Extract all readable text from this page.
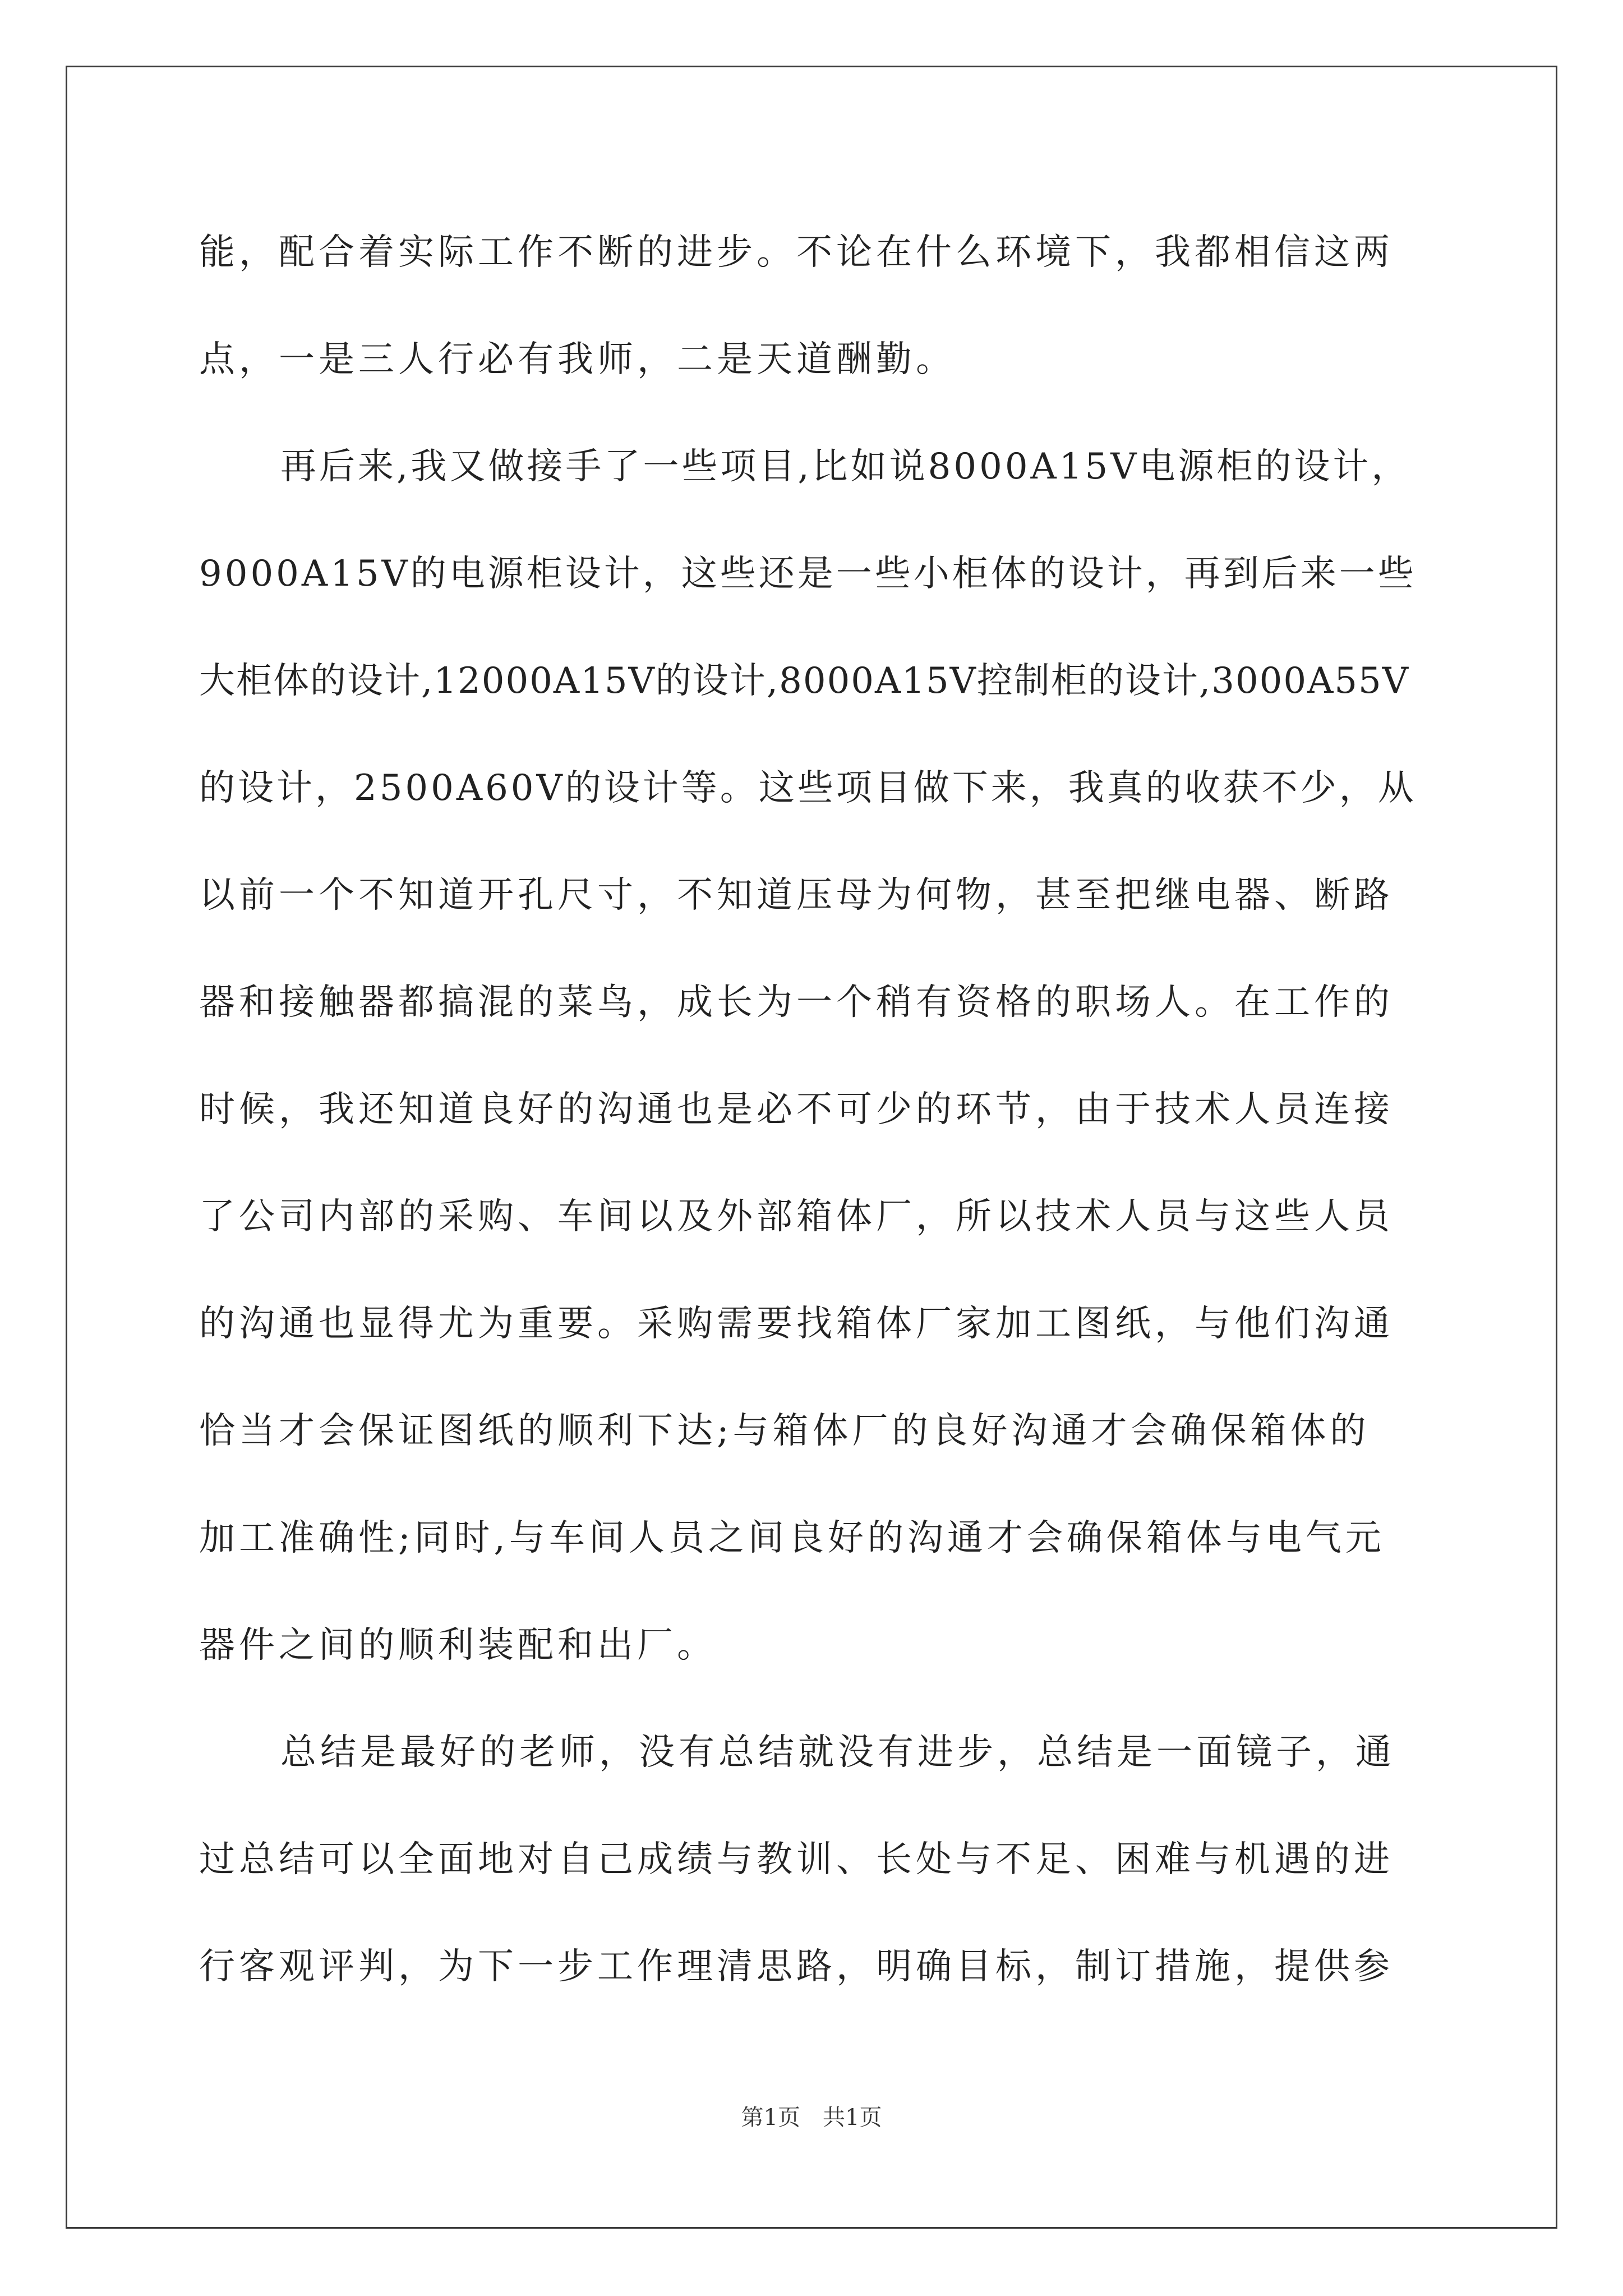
能，配合着实际工作不断的进步。不论在什么环境下，我都相信这两
点，一是三人行必有我师，二是天道酬勤。
再后来,我又做接手了一些项目,比如说8000A15V电源柜的设计，
9000A15V的电源柜设计，这些还是一些小柜体的设计，再到后来一些
大柜体的设计,12000A15V的设计,8000A15V控制柜的设计,3000A55V
的设计，2500A60V的设计等。这些项目做下来，我真的收获不少，从
以前一个不知道开孔尺寸，不知道压母为何物，甚至把继电器、断路
器和接触器都搞混的菜鸟，成长为一个稍有资格的职场人。在工作的
时候，我还知道良好的沟通也是必不可少的环节，由于技术人员连接
了公司内部的采购、车间以及外部箱体厂，所以技术人员与这些人员
的沟通也显得尤为重要。采购需要找箱体厂家加工图纸，与他们沟通
恰当才会保证图纸的顺利下达;与箱体厂的良好沟通才会确保箱体的
加工准确性;同时,与车间人员之间良好的沟通才会确保箱体与电气元
器件之间的顺利装配和出厂。
总结是最好的老师，没有总结就没有进步，总结是一面镜子，通
过总结可以全面地对自己成绩与教训、长处与不足、困难与机遇的进
行客观评判，为下一步工作理清思路，明确目标，制订措施，提供参
第1页 共1页
